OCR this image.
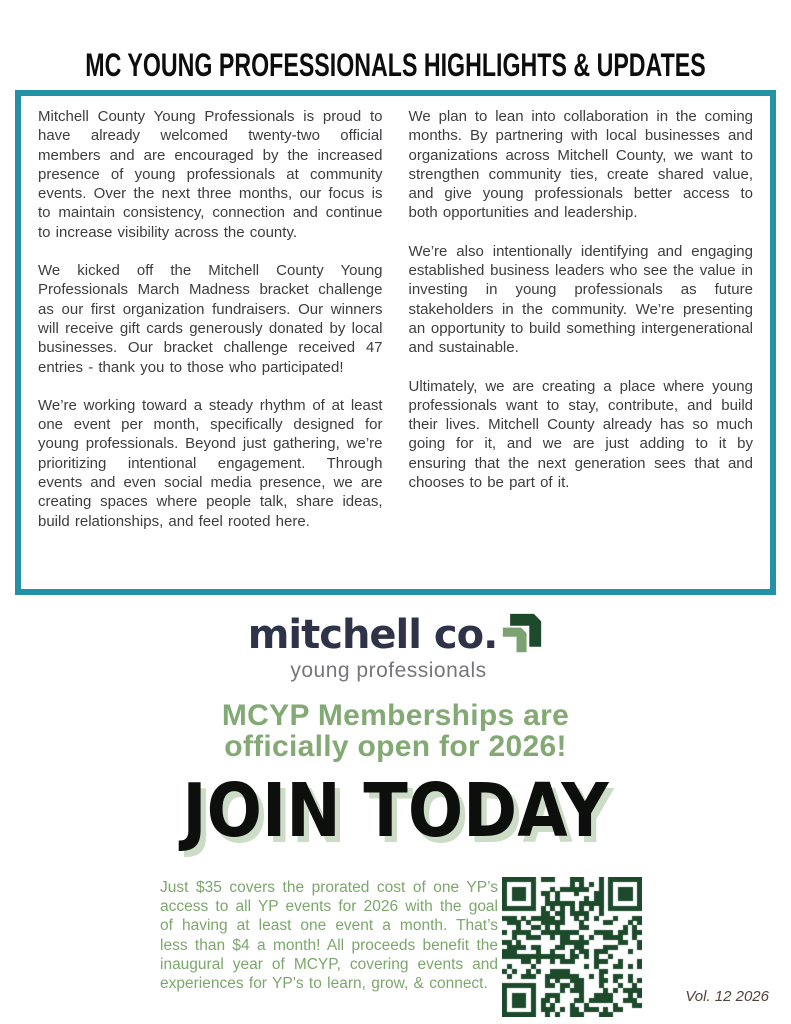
MC YOUNG PROFESSIONALS HIGHLIGHTS & UPDATES

Mitchell County Young Professionals is proud to have already welcomed twenty-two official members and are encouraged by the increased presence of young professionals at community events. Over the next three months, our focus is to maintain consistency, connection and continue to increase visibility across the county.

We kicked off the Mitchell County Young Professionals March Madness bracket challenge as our first organization fundraisers. Our winners will receive gift cards generously donated by local businesses. Our bracket challenge received 47 entries - thank you to those who participated!

We’re working toward a steady rhythm of at least one event per month, specifically designed for young professionals. Beyond just gathering, we’re prioritizing intentional engagement. Through events and even social media presence, we are creating spaces where people talk, share ideas, build relationships, and feel rooted here.

We plan to lean into collaboration in the coming months. By partnering with local businesses and organizations across Mitchell County, we want to strengthen community ties, create shared value, and give young professionals better access to both opportunities and leadership.

We’re also intentionally identifying and engaging established business leaders who see the value in investing in young professionals as future stakeholders in the community. We’re presenting an opportunity to build something intergenerational and sustainable.

Ultimately, we are creating a place where young professionals want to stay, contribute, and build their lives. Mitchell County already has so much going for it, and we are just adding to it by ensuring that the next generation sees that and chooses to be part of it.

mitchell co.
young professionals
MCYP Memberships are
officially open for 2026!
JOIN TODAY
Just $35 covers the prorated cost of one YP’s access to all YP events for 2026 with the goal of having at least one event a month. That’s less than $4 a month! All proceeds benefit the inaugural year of MCYP, covering events and experiences for YP’s to learn, grow, & connect.
Vol. 12 2026
